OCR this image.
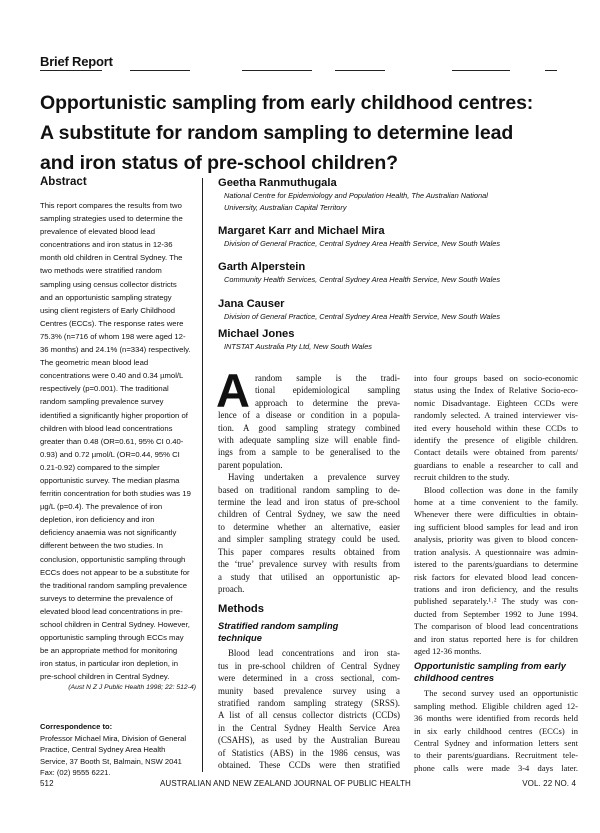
Brief Report
Opportunistic sampling from early childhood centres:
A substitute for random sampling to determine lead
and iron status of pre-school children?
Abstract
This report compares the results from two
sampling strategies used to determine the
prevalence of elevated blood lead
concentrations and iron status in 12-36
month old children in Central Sydney. The
two methods were stratified random
sampling using census collector districts
and an opportunistic sampling strategy
using client registers of Early Childhood
Centres (ECCs). The response rates were
75.3% (n=716 of whom 198 were aged 12-
36 months) and 24.1% (n=334) respectively.
The geometric mean blood lead
concentrations were 0.40 and 0.34 µmol/L
respectively (p=0.001). The traditional
random sampling prevalence survey
identified a significantly higher proportion of
children with blood lead concentrations
greater than 0.48 (OR=0.61, 95% CI 0.40-
0.93) and 0.72 µmol/L (OR=0.44, 95% CI
0.21-0.92) compared to the simpler
opportunistic survey. The median plasma
ferritin concentration for both studies was 19
µg/L (p=0.4). The prevalence of iron
depletion, iron deficiency and iron
deficiency anaemia was not significantly
different between the two studies. In
conclusion, opportunistic sampling through
ECCs does not appear to be a substitute for
the traditional random sampling prevalence
surveys to determine the prevalence of
elevated blood lead concentrations in pre-
school children in Central Sydney. However,
opportunistic sampling through ECCs may
be an appropriate method for monitoring
iron status, in particular iron depletion, in
pre-school children in Central Sydney.
(Aust N Z J Public Health 1998; 22: 512-4)
Correspondence to:
Professor Michael Mira, Division of General
Practice, Central Sydney Area Health
Service, 37 Booth St, Balmain, NSW 2041
Fax: (02) 9555 6221.
Geetha Ranmuthugala
National Centre for Epidemiology and Population Health, The Australian National
University, Australian Capital Territory
Margaret Karr and Michael Mira
Division of General Practice, Central Sydney Area Health Service, New South Wales
Garth Alperstein
Community Health Services, Central Sydney Area Health Service, New South Wales
Jana Causer
Division of General Practice, Central Sydney Area Health Service, New South Wales
Michael Jones
INTSTAT Australia Pty Ltd, New South Wales
A random sample is the tradi-
tional epidemiological sampling
approach to determine the preva-
lence of a disease or condition in a popula-
tion. A good sampling strategy combined
with adequate sampling size will enable find-
ings from a sample to be generalised to the
parent population.
Having undertaken a prevalence survey
based on traditional random sampling to de-
termine the lead and iron status of pre-school
children of Central Sydney, we saw the need
to determine whether an alternative, easier
and simpler sampling strategy could be used.
This paper compares results obtained from
the ‘true’ prevalence survey with results from
a study that utilised an opportunistic ap-
proach.
Methods
Stratified random sampling
technique
Blood lead concentrations and iron sta-
tus in pre-school children of Central Sydney
were determined in a cross sectional, com-
munity based prevalence survey using a
stratified random sampling strategy (SRSS).
A list of all census collector districts (CCDs)
in the Central Sydney Health Service Area
(CSAHS), as used by the Australian Bureau
of Statistics (ABS) in the 1986 census, was
obtained. These CCDs were then stratified
into four groups based on socio-economic
status using the Index of Relative Socio-eco-
nomic Disadvantage. Eighteen CCDs were
randomly selected. A trained interviewer vis-
ited every household within these CCDs to
identify the presence of eligible children.
Contact details were obtained from parents/
guardians to enable a researcher to call and
recruit children to the study.
Blood collection was done in the family
home at a time convenient to the family.
Whenever there were difficulties in obtain-
ing sufficient blood samples for lead and iron
analysis, priority was given to blood concen-
tration analysis. A questionnaire was admin-
istered to the parents/guardians to determine
risk factors for elevated blood lead concen-
trations and iron deficiency, and the results
published separately.¹˒² The study was con-
ducted from September 1992 to June 1994.
The comparison of blood lead concentrations
and iron status reported here is for children
aged 12-36 months.
Opportunistic sampling from early
childhood centres
The second survey used an opportunistic
sampling method. Eligible children aged 12-
36 months were identified from records held
in six early childhood centres (ECCs) in
Central Sydney and information letters sent
to their parents/guardians. Recruitment tele-
phone calls were made 3-4 days later.
512	AUSTRALIAN AND NEW ZEALAND JOURNAL OF PUBLIC HEALTH	VOL. 22 NO. 4
